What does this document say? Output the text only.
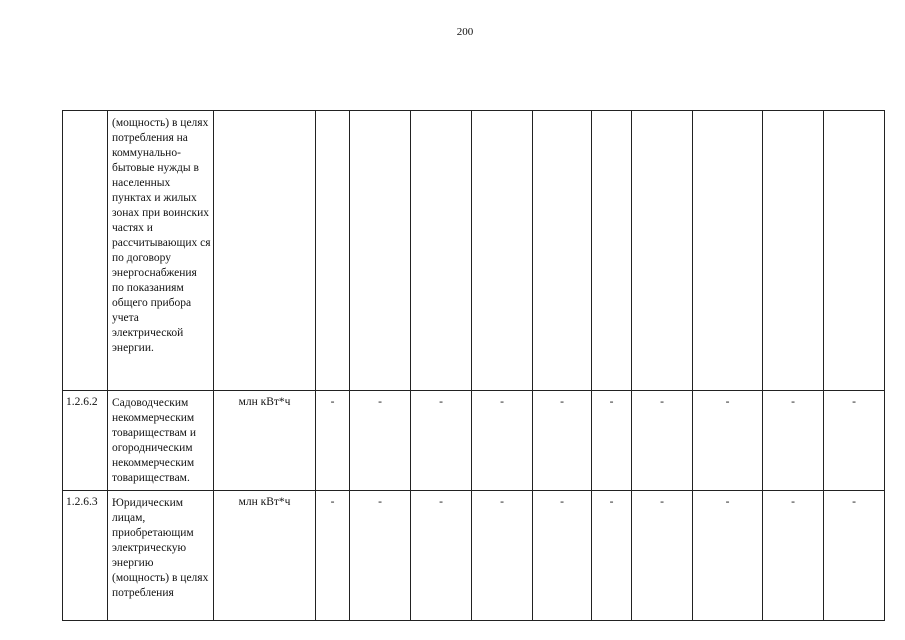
200
	(мощность) в целях потребления на коммунально-бытовые нужды в населенных пунктах и жилых зонах при воинских частях и рассчитывающих ся по договору энергоснабжения по показаниям общего прибора учета электрической энергии.											
1.2.6.2	Садоводческим некоммерческим товариществам и огородническим некоммерческим товариществам.	млн кВт*ч	-	-	-	-	-	-	-	-	-	-
1.2.6.3	Юридическим лицам, приобретающим электрическую энергию (мощность) в целях потребления	млн кВт*ч	-	-	-	-	-	-	-	-	-	-
